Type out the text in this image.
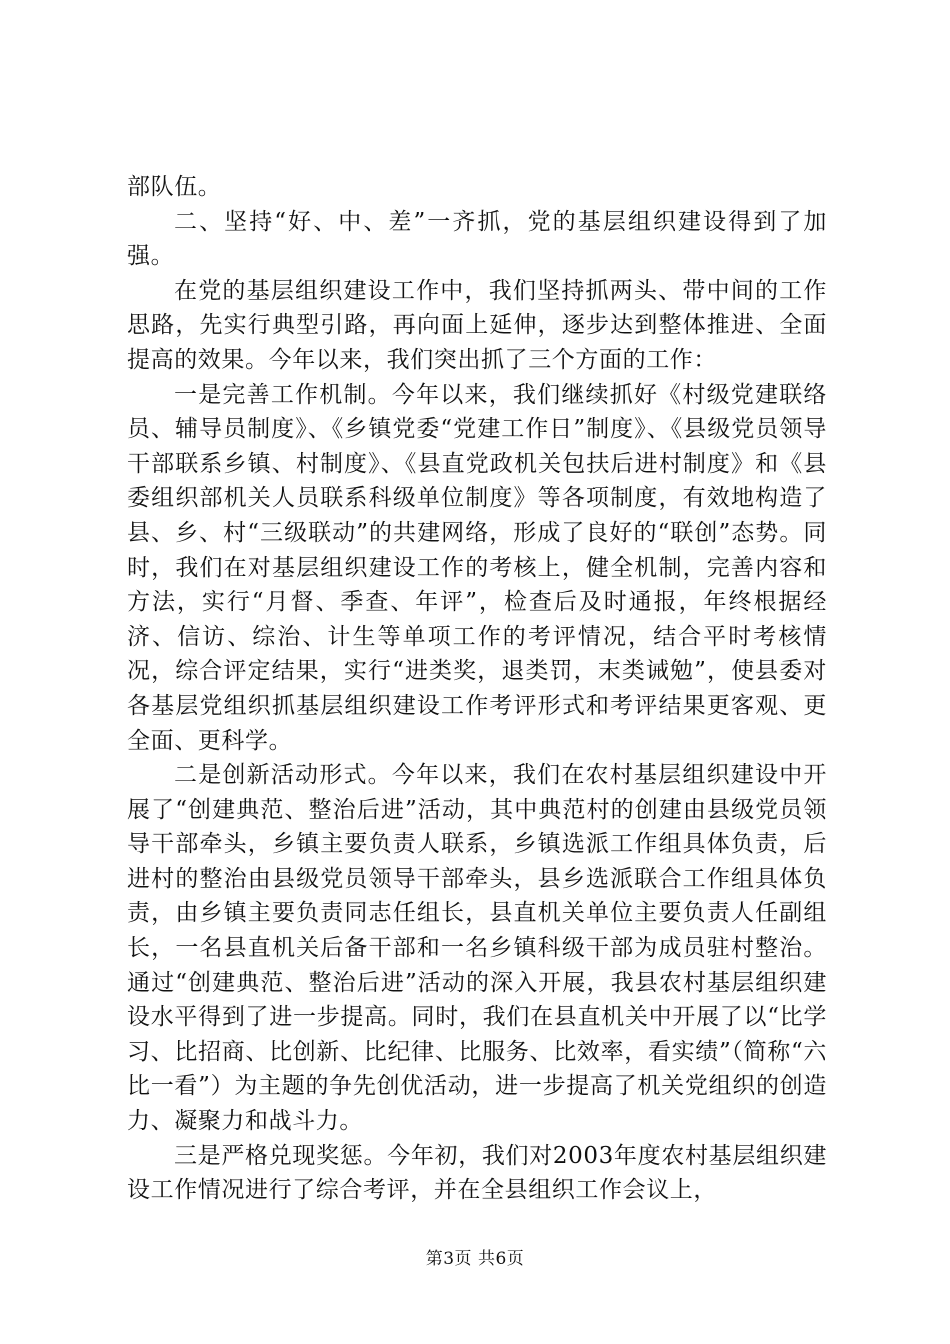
部队伍。

二、坚持“好、中、差”一齐抓，党的基层组织建设得到了加强。

在党的基层组织建设工作中，我们坚持抓两头、带中间的工作思路，先实行典型引路，再向面上延伸，逐步达到整体推进、全面提高的效果。今年以来，我们突出抓了三个方面的工作：

一是完善工作机制。今年以来，我们继续抓好《村级党建联络员、辅导员制度》、《乡镇党委“党建工作日”制度》、《县级党员领导干部联系乡镇、村制度》、《县直党政机关包扶后进村制度》和《县委组织部机关人员联系科级单位制度》等各项制度，有效地构造了县、乡、村“三级联动”的共建网络，形成了良好的“联创”态势。同时，我们在对基层组织建设工作的考核上，健全机制，完善内容和方法，实行“月督、季查、年评”，检查后及时通报，年终根据经济、信访、综治、计生等单项工作的考评情况，结合平时考核情况，综合评定结果，实行“进类奖，退类罚，末类诫勉”，使县委对各基层党组织抓基层组织建设工作考评形式和考评结果更客观、更全面、更科学。

二是创新活动形式。今年以来，我们在农村基层组织建设中开展了“创建典范、整治后进”活动，其中典范村的创建由县级党员领导干部牵头，乡镇主要负责人联系，乡镇选派工作组具体负责，后进村的整治由县级党员领导干部牵头，县乡选派联合工作组具体负责，由乡镇主要负责同志任组长，县直机关单位主要负责人任副组长，一名县直机关后备干部和一名乡镇科级干部为成员驻村整治。通过“创建典范、整治后进”活动的深入开展，我县农村基层组织建设水平得到了进一步提高。同时，我们在县直机关中开展了以“比学习、比招商、比创新、比纪律、比服务、比效率，看实绩”（简称“六比一看”）为主题的争先创优活动，进一步提高了机关党组织的创造力、凝聚力和战斗力。

三是严格兑现奖惩。今年初，我们对2003年度农村基层组织建设工作情况进行了综合考评，并在全县组织工作会议上，

第3页 共6页
